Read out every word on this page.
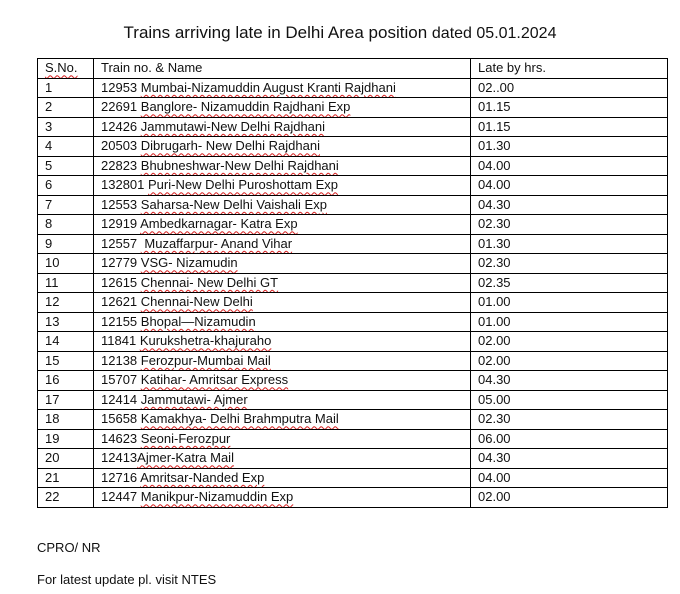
Trains arriving late in Delhi Area position dated 05.01.2024
S.No.	Train no. & Name	Late by hrs.
1	12953 Mumbai-Nizamuddin August Kranti Rajdhani	02..00
2	22691 Banglore- Nizamuddin Rajdhani Exp	01.15
3	12426 Jammutawi-New Delhi Rajdhani	01.15
4	20503 Dibrugarh- New Delhi Rajdhani	01.30
5	22823 Bhubneshwar-New Delhi Rajdhani	04.00
6	132801 Puri-New Delhi Puroshottam Exp	04.00
7	12553 Saharsa-New Delhi Vaishali Exp	04.30
8	12919 Ambedkarnagar- Katra Exp	02.30
9	12557  Muzaffarpur- Anand Vihar	01.30
10	12779 VSG- Nizamudin	02.30
11	12615 Chennai- New Delhi GT	02.35
12	12621 Chennai-New Delhi	01.00
13	12155 Bhopal—Nizamudin	01.00
14	11841 Kurukshetra-khajuraho	02.00
15	12138 Ferozpur-Mumbai Mail	02.00
16	15707 Katihar- Amritsar Express	04.30
17	12414 Jammutawi- Ajmer	05.00
18	15658 Kamakhya- Delhi Brahmputra Mail	02.30
19	14623 Seoni-Ferozpur	06.00
20	12413Ajmer-Katra Mail	04.30
21	12716 Amritsar-Nanded Exp	04.00
22	12447 Manikpur-Nizamuddin Exp	02.00
CPRO/ NR
For latest update pl. visit NTES
